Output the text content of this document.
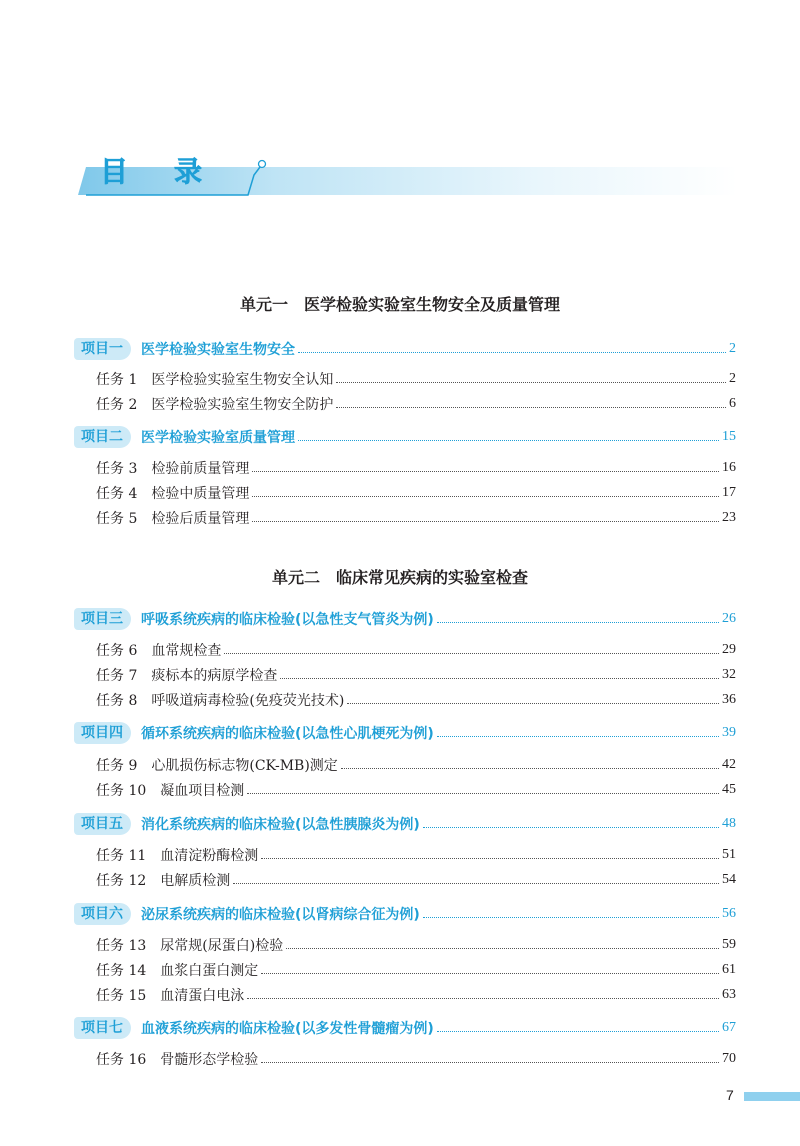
目录
单元一　医学检验实验室生物安全及质量管理
项目一	医学检验实验室生物安全	2
任务 1 医学检验实验室生物安全认知	2
任务 2 医学检验实验室生物安全防护	6
项目二	医学检验实验室质量管理	15
任务 3 检验前质量管理	16
任务 4 检验中质量管理	17
任务 5 检验后质量管理	23
单元二　临床常见疾病的实验室检查
项目三	呼吸系统疾病的临床检验(以急性支气管炎为例)	26
任务 6 血常规检查	29
任务 7 痰标本的病原学检查	32
任务 8 呼吸道病毒检验(免疫荧光技术)	36
项目四	循环系统疾病的临床检验(以急性心肌梗死为例)	39
任务 9 心肌损伤标志物(CK-MB)测定	42
任务 10 凝血项目检测	45
项目五	消化系统疾病的临床检验(以急性胰腺炎为例)	48
任务 11 血清淀粉酶检测	51
任务 12 电解质检测	54
项目六	泌尿系统疾病的临床检验(以肾病综合征为例)	56
任务 13 尿常规(尿蛋白)检验	59
任务 14 血浆白蛋白测定	61
任务 15 血清蛋白电泳	63
项目七	血液系统疾病的临床检验(以多发性骨髓瘤为例)	67
任务 16 骨髓形态学检验	70
7
